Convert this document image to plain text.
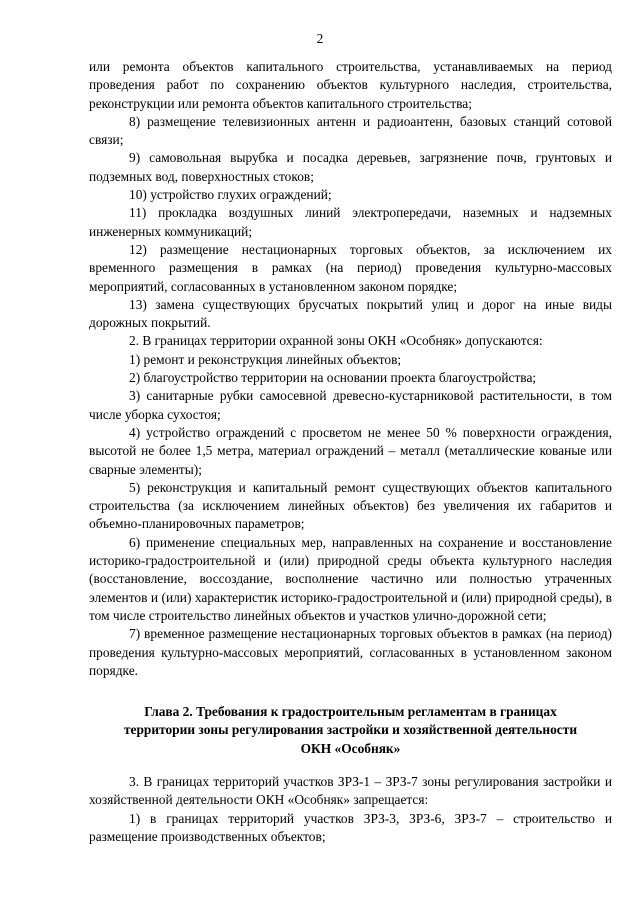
2

или ремонта объектов капитального строительства, устанавливаемых на период проведения работ по сохранению объектов культурного наследия, строительства, реконструкции или ремонта объектов капитального строительства;

8) размещение телевизионных антенн и радиоантенн, базовых станций сотовой связи;

9) самовольная вырубка и посадка деревьев, загрязнение почв, грунтовых и подземных вод, поверхностных стоков;

10) устройство глухих ограждений;

11) прокладка воздушных линий электропередачи, наземных и надземных инженерных коммуникаций;

12) размещение нестационарных торговых объектов, за исключением их временного размещения в рамках (на период) проведения культурно-массовых мероприятий, согласованных в установленном законом порядке;

13) замена существующих брусчатых покрытий улиц и дорог на иные виды дорожных покрытий.

2. В границах территории охранной зоны ОКН «Особняк» допускаются:

1) ремонт и реконструкция линейных объектов;

2) благоустройство территории на основании проекта благоустройства;

3) санитарные рубки самосевной древесно-кустарниковой растительности, в том числе уборка сухостоя;

4) устройство ограждений с просветом не менее 50 % поверхности ограждения, высотой не более 1,5 метра, материал ограждений – металл (металлические кованые или сварные элементы);

5) реконструкция и капитальный ремонт существующих объектов капитального строительства (за исключением линейных объектов) без увеличения их габаритов и объемно-планировочных параметров;

6) применение специальных мер, направленных на сохранение и восстановление историко-градостроительной и (или) природной среды объекта культурного наследия (восстановление, воссоздание, восполнение частично или полностью утраченных элементов и (или) характеристик историко-градостроительной и (или) природной среды), в том числе строительство линейных объектов и участков улично-дорожной сети;

7) временное размещение нестационарных торговых объектов в рамках (на период) проведения культурно-массовых мероприятий, согласованных в установленном законом порядке.

Глава 2. Требования к градостроительным регламентам в границах
территории зоны регулирования застройки и хозяйственной деятельности
ОКН «Особняк»

3. В границах территорий участков ЗРЗ-1 – ЗРЗ-7 зоны регулирования застройки и хозяйственной деятельности ОКН «Особняк» запрещается:

1) в границах территорий участков ЗРЗ-3, ЗРЗ-6, ЗРЗ-7 – строительство и размещение производственных объектов;
